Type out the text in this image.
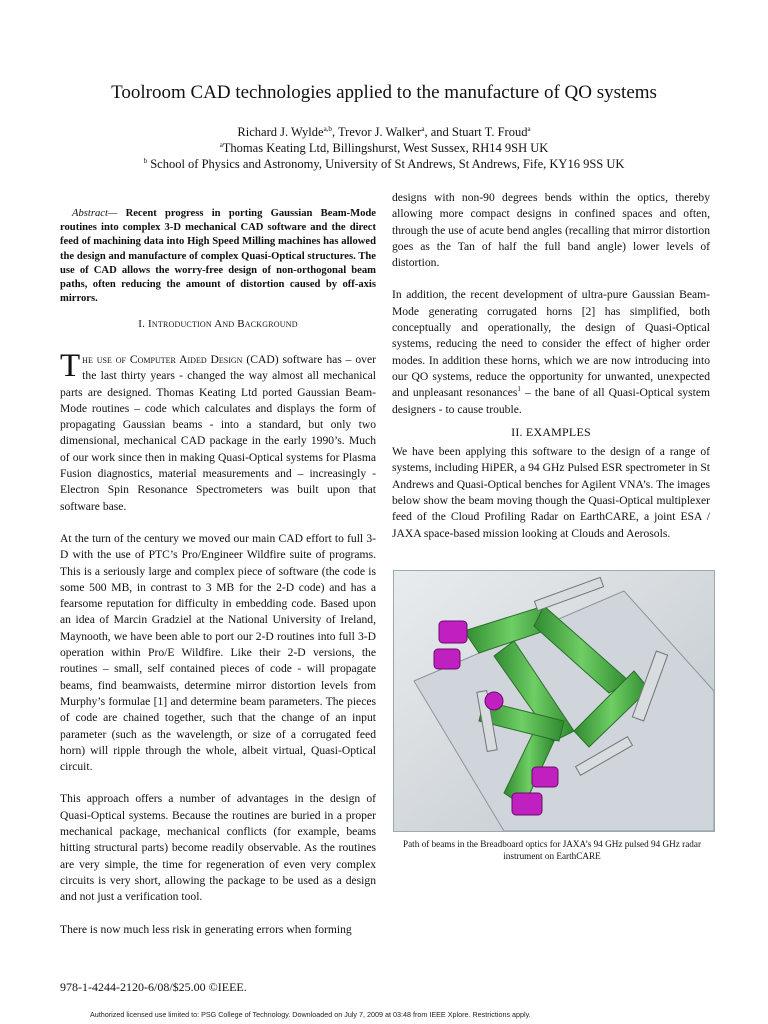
Toolroom CAD technologies applied to the manufacture of QO systems
Richard J. Wylde$^{a,b}$, Trevor J. Walker$^a$, and Stuart T. Froud$^a$
$^a$Thomas Keating Ltd, Billingshurst, West Sussex, RH14 9SH UK
$^b$ School of Physics and Astronomy, University of St Andrews, St Andrews, Fife, KY16 9SS UK
Abstract— Recent progress in porting Gaussian Beam-Mode routines into complex 3-D mechanical CAD software and the direct feed of machining data into High Speed Milling machines has allowed the design and manufacture of complex Quasi-Optical structures. The use of CAD allows the worry-free design of non-orthogonal beam paths, often reducing the amount of distortion caused by off-axis mirrors.
I. Introduction And Background

The use of Computer Aided Design (CAD) software has – over the last thirty years - changed the way almost all mechanical parts are designed. Thomas Keating Ltd ported Gaussian Beam-Mode routines – code which calculates and displays the form of propagating Gaussian beams - into a standard, but only two dimensional, mechanical CAD package in the early 1990’s. Much of our work since then in making Quasi-Optical systems for Plasma Fusion diagnostics, material measurements and – increasingly - Electron Spin Resonance Spectrometers was built upon that software base.

At the turn of the century we moved our main CAD effort to full 3-D with the use of PTC’s Pro/Engineer Wildfire suite of programs. This is a seriously large and complex piece of software (the code is some 500 MB, in contrast to 3 MB for the 2-D code) and has a fearsome reputation for difficulty in embedding code. Based upon an idea of Marcin Gradziel at the National University of Ireland, Maynooth, we have been able to port our 2-D routines into full 3-D operation within Pro/E Wildfire. Like their 2-D versions, the routines – small, self contained pieces of code - will propagate beams, find beamwaists, determine mirror distortion levels from Murphy’s formulae [1] and determine beam parameters. The pieces of code are chained together, such that the change of an input parameter (such as the wavelength, or size of a corrugated feed horn) will ripple through the whole, albeit virtual, Quasi-Optical circuit.

This approach offers a number of advantages in the design of Quasi-Optical systems. Because the routines are buried in a proper mechanical package, mechanical conflicts (for example, beams hitting structural parts) become readily observable. As the routines are very simple, the time for regeneration of even very complex circuits is very short, allowing the package to be used as a design and not just a verification tool.

There is now much less risk in generating errors when forming

designs with non-90 degrees bends within the optics, thereby allowing more compact designs in confined spaces and often, through the use of acute bend angles (recalling that mirror distortion goes as the Tan of half the full band angle) lower levels of distortion.

In addition, the recent development of ultra-pure Gaussian Beam-Mode generating corrugated horns [2] has simplified, both conceptually and operationally, the design of Quasi-Optical systems, reducing the need to consider the effect of higher order modes. In addition these horns, which we are now introducing into our QO systems, reduce the opportunity for unwanted, unexpected and unpleasant resonances$^1$ – the bane of all Quasi-Optical system designers - to cause trouble.

II. EXAMPLES

We have been applying this software to the design of a range of systems, including HiPER, a 94 GHz Pulsed ESR spectrometer in St Andrews and Quasi-Optical benches for Agilent VNA’s. The images below show the beam moving though the Quasi-Optical multiplexer feed of the Cloud Profiling Radar on EarthCARE, a joint ESA / JAXA space-based mission looking at Clouds and Aerosols.

Path of beams in the Breadboard optics for JAXA’s 94 GHz pulsed 94 GHz radar instrument on EarthCARE
978-1-4244-2120-6/08/$25.00 ©IEEE.
Authorized licensed use limited to: PSG College of Technology. Downloaded on July 7, 2009 at 03:48 from IEEE Xplore. Restrictions apply.
